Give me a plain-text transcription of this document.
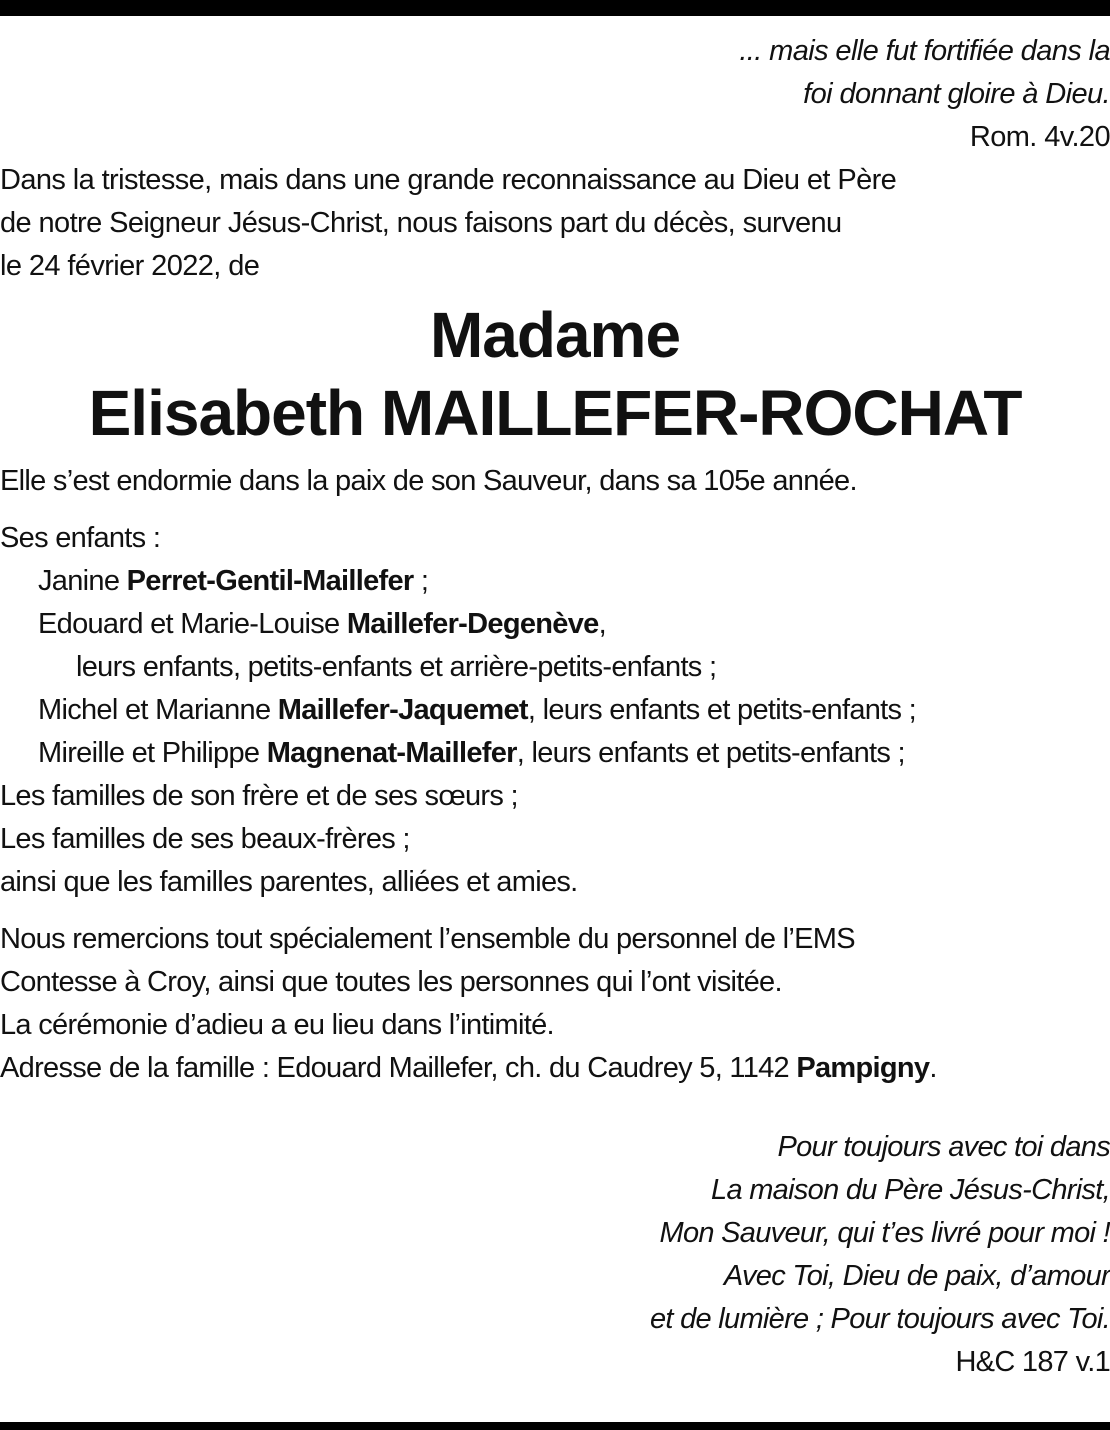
... mais elle fut fortifiée dans la
foi donnant gloire à Dieu.
Rom. 4v.20
Dans la tristesse, mais dans une grande reconnaissance au Dieu et Père
de notre Seigneur Jésus-Christ, nous faisons part du décès, survenu
le 24 février 2022, de
Madame
Elisabeth MAILLEFER-ROCHAT
Elle s’est endormie dans la paix de son Sauveur, dans sa 105e année.
Ses enfants :
Janine Perret-Gentil-Maillefer ;
Edouard et Marie-Louise Maillefer-Degenève,
leurs enfants, petits-enfants et arrière-petits-enfants ;
Michel et Marianne Maillefer-Jaquemet, leurs enfants et petits-enfants ;
Mireille et Philippe Magnenat-Maillefer, leurs enfants et petits-enfants ;
Les familles de son frère et de ses sœurs ;
Les familles de ses beaux-frères ;
ainsi que les familles parentes, alliées et amies.
Nous remercions tout spécialement l’ensemble du personnel de l’EMS
Contesse à Croy, ainsi que toutes les personnes qui l’ont visitée.
La cérémonie d’adieu a eu lieu dans l’intimité.
Adresse de la famille : Edouard Maillefer, ch. du Caudrey 5, 1142 Pampigny.
Pour toujours avec toi dans
La maison du Père Jésus-Christ,
Mon Sauveur, qui t’es livré pour moi !
Avec Toi, Dieu de paix, d’amour
et de lumière ; Pour toujours avec Toi.
H&C 187 v.1
